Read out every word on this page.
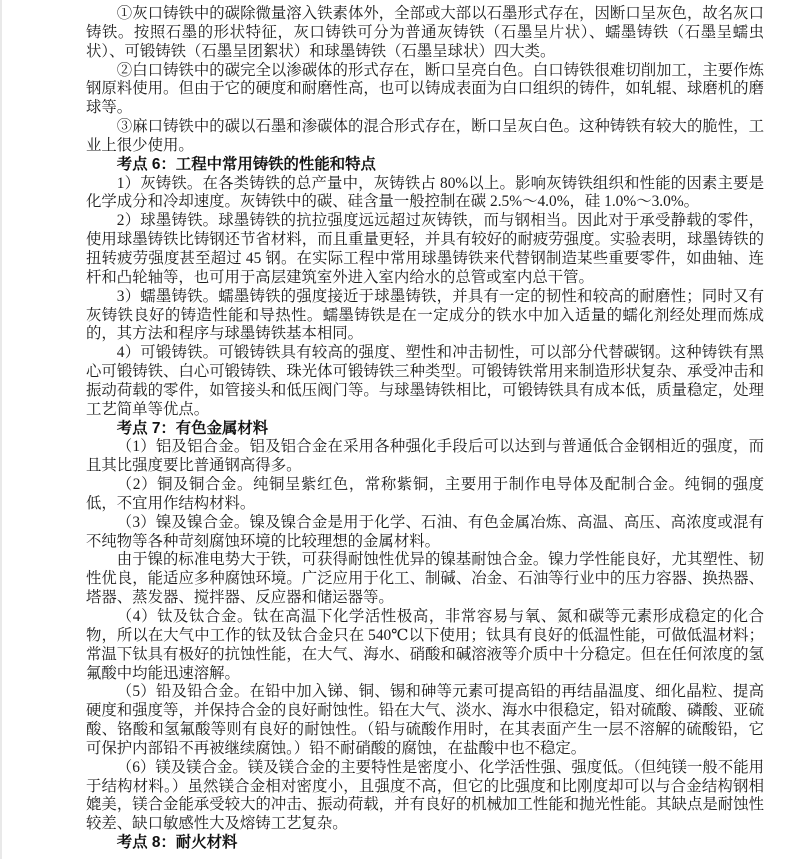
①灰口铸铁中的碳除微量溶入铁素体外，全部或大部以石墨形式存在，因断口呈灰色，故名灰口铸铁。按照石墨的形状特征，灰口铸铁可分为普通灰铸铁（石墨呈片状）、蠕墨铸铁（石墨呈蠕虫状）、可锻铸铁（石墨呈团絮状）和球墨铸铁（石墨呈球状）四大类。

②白口铸铁中的碳完全以渗碳体的形式存在，断口呈亮白色。白口铸铁很难切削加工，主要作炼钢原料使用。但由于它的硬度和耐磨性高，也可以铸成表面为白口组织的铸件，如轧辊、球磨机的磨球等。

③麻口铸铁中的碳以石墨和渗碳体的混合形式存在，断口呈灰白色。这种铸铁有较大的脆性，工业上很少使用。

考点 6：工程中常用铸铁的性能和特点

1）灰铸铁。在各类铸铁的总产量中，灰铸铁占 80%以上。影响灰铸铁组织和性能的因素主要是化学成分和冷却速度。灰铸铁中的碳、硅含量一般控制在碳 2.5%～4.0%，硅 1.0%～3.0%。

2）球墨铸铁。球墨铸铁的抗拉强度远远超过灰铸铁，而与钢相当。因此对于承受静载的零件，使用球墨铸铁比铸钢还节省材料，而且重量更轻，并具有较好的耐疲劳强度。实验表明，球墨铸铁的扭转疲劳强度甚至超过 45 钢。在实际工程中常用球墨铸铁来代替钢制造某些重要零件，如曲轴、连杆和凸轮轴等，也可用于高层建筑室外进入室内给水的总管或室内总干管。

3）蠕墨铸铁。蠕墨铸铁的强度接近于球墨铸铁，并具有一定的韧性和较高的耐磨性；同时又有灰铸铁良好的铸造性能和导热性。蠕墨铸铁是在一定成分的铁水中加入适量的蠕化剂经处理而炼成的，其方法和程序与球墨铸铁基本相同。

4）可锻铸铁。可锻铸铁具有较高的强度、塑性和冲击韧性，可以部分代替碳钢。这种铸铁有黑心可锻铸铁、白心可锻铸铁、珠光体可锻铸铁三种类型。可锻铸铁常用来制造形状复杂、承受冲击和振动荷载的零件，如管接头和低压阀门等。与球墨铸铁相比，可锻铸铁具有成本低，质量稳定，处理工艺简单等优点。

考点 7：有色金属材料

（1）铝及铝合金。铝及铝合金在采用各种强化手段后可以达到与普通低合金钢相近的强度，而且其比强度要比普通钢高得多。

（2）铜及铜合金。纯铜呈紫红色，常称紫铜，主要用于制作电导体及配制合金。纯铜的强度低，不宜用作结构材料。

（3）镍及镍合金。镍及镍合金是用于化学、石油、有色金属冶炼、高温、高压、高浓度或混有不纯物等各种苛刻腐蚀环境的比较理想的金属材料。

由于镍的标准电势大于铁，可获得耐蚀性优异的镍基耐蚀合金。镍力学性能良好，尤其塑性、韧性优良，能适应多种腐蚀环境。广泛应用于化工、制碱、冶金、石油等行业中的压力容器、换热器、塔器、蒸发器、搅拌器、反应器和储运器等。

（4）钛及钛合金。钛在高温下化学活性极高，非常容易与氧、氮和碳等元素形成稳定的化合物，所以在大气中工作的钛及钛合金只在 540℃以下使用；钛具有良好的低温性能，可做低温材料；常温下钛具有极好的抗蚀性能，在大气、海水、硝酸和碱溶液等介质中十分稳定。但在任何浓度的氢氟酸中均能迅速溶解。

（5）铅及铅合金。在铅中加入锑、铜、锡和砷等元素可提高铅的再结晶温度、细化晶粒、提高硬度和强度等，并保持合金的良好耐蚀性。铅在大气、淡水、海水中很稳定，铅对硫酸、磷酸、亚硫酸、铬酸和氢氟酸等则有良好的耐蚀性。（铅与硫酸作用时，在其表面产生一层不溶解的硫酸铅，它可保护内部铅不再被继续腐蚀。）铅不耐硝酸的腐蚀，在盐酸中也不稳定。

（6）镁及镁合金。镁及镁合金的主要特性是密度小、化学活性强、强度低。（但纯镁一般不能用于结构材料。）虽然镁合金相对密度小，且强度不高，但它的比强度和比刚度却可以与合金结构钢相媲美，镁合金能承受较大的冲击、振动荷载，并有良好的机械加工性能和抛光性能。其缺点是耐蚀性较差、缺口敏感性大及熔铸工艺复杂。

考点 8：耐火材料
